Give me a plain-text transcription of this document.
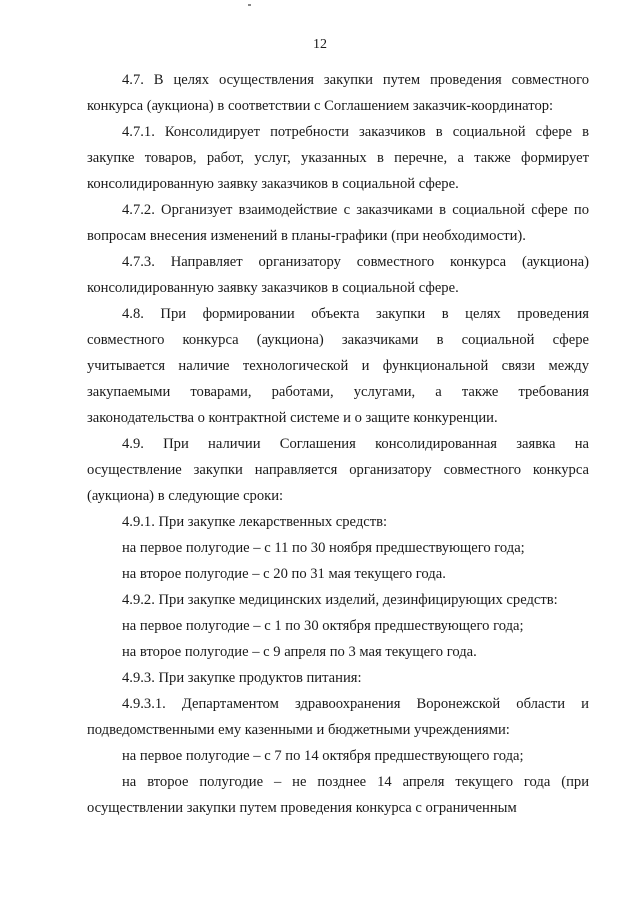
12
4.7. В целях осуществления закупки путем проведения совместного
конкурса (аукциона) в соответствии с Соглашением заказчик-координатор:
4.7.1. Консолидирует потребности заказчиков в социальной сфере в
закупке товаров, работ, услуг, указанных в перечне, а также формирует
консолидированную заявку заказчиков в социальной сфере.
4.7.2. Организует взаимодействие с заказчиками в социальной сфере по
вопросам внесения изменений в планы-графики (при необходимости).
4.7.3. Направляет организатору совместного конкурса (аукциона)
консолидированную заявку заказчиков в социальной сфере.
4.8. При формировании объекта закупки в целях проведения
совместного конкурса (аукциона) заказчиками в социальной сфере
учитывается наличие технологической и функциональной связи между
закупаемыми товарами, работами, услугами, а также требования
законодательства о контрактной системе и о защите конкуренции.
4.9. При наличии Соглашения консолидированная заявка на
осуществление закупки направляется организатору совместного конкурса
(аукциона) в следующие сроки:
4.9.1. При закупке лекарственных средств:
на первое полугодие – с 11 по 30 ноября предшествующего года;
на второе полугодие – с 20 по 31 мая текущего года.
4.9.2. При закупке медицинских изделий, дезинфицирующих средств:
на первое полугодие – с 1 по 30 октября предшествующего года;
на второе полугодие – с 9 апреля по 3 мая текущего года.
4.9.3. При закупке продуктов питания:
4.9.3.1. Департаментом здравоохранения Воронежской области и
подведомственными ему казенными и бюджетными учреждениями:
на первое полугодие – с 7 по 14 октября предшествующего года;
на второе полугодие – не позднее 14 апреля текущего года (при
осуществлении закупки путем проведения конкурса с ограниченным
